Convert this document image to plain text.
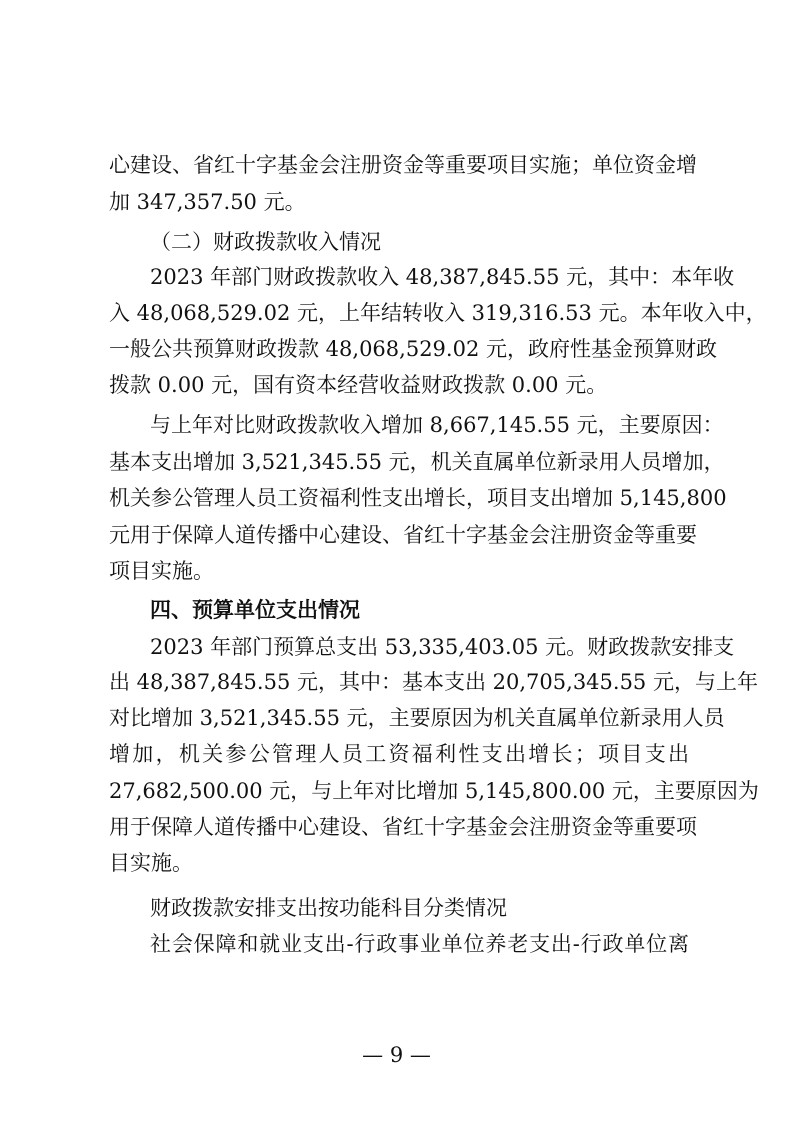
心建设、省红十字基金会注册资金等重要项目实施；单位资金增
加 347,357.50 元。
（二）财政拨款收入情况
2023 年部门财政拨款收入 48,387,845.55 元，其中：本年收
入 48,068,529.02 元，上年结转收入 319,316.53 元。本年收入中，
一般公共预算财政拨款 48,068,529.02 元，政府性基金预算财政
拨款 0.00 元，国有资本经营收益财政拨款 0.00 元。
与上年对比财政拨款收入增加 8,667,145.55 元，主要原因：
基本支出增加 3,521,345.55 元，机关直属单位新录用人员增加，
机关参公管理人员工资福利性支出增长，项目支出增加 5,145,800
元用于保障人道传播中心建设、省红十字基金会注册资金等重要
项目实施。
四、预算单位支出情况
2023 年部门预算总支出 53,335,403.05 元。财政拨款安排支
出 48,387,845.55 元，其中：基本支出 20,705,345.55 元，与上年
对比增加 3,521,345.55 元，主要原因为机关直属单位新录用人员
增加，机关参公管理人员工资福利性支出增长；项目支出
27,682,500.00 元，与上年对比增加 5,145,800.00 元，主要原因为
用于保障人道传播中心建设、省红十字基金会注册资金等重要项
目实施。
财政拨款安排支出按功能科目分类情况
社会保障和就业支出-行政事业单位养老支出-行政单位离
— 9 —
